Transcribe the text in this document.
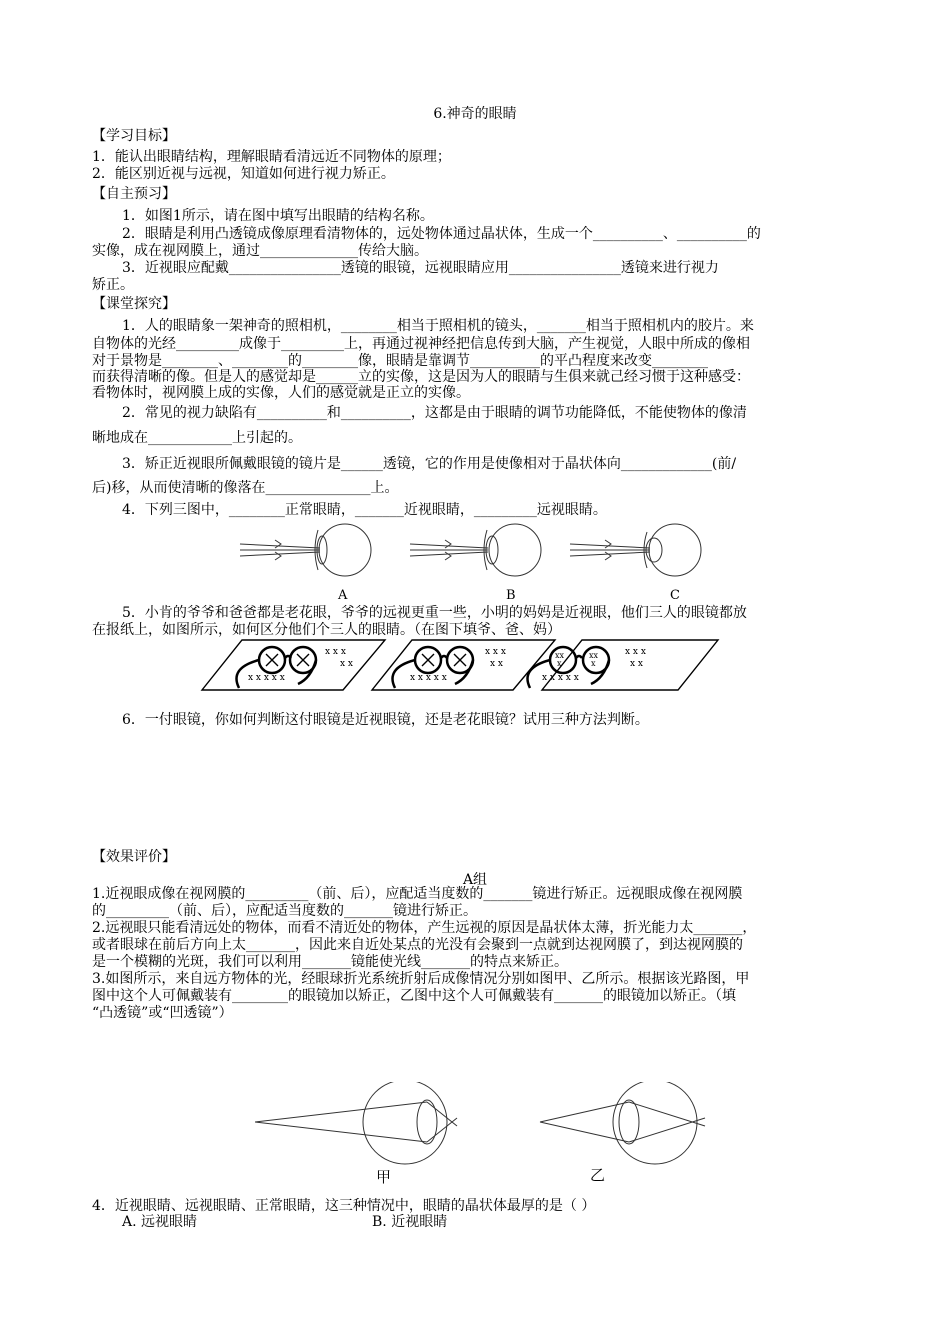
6.神奇的眼睛
【学习目标】
1．能认出眼睛结构，理解眼睛看清远近不同物体的原理；
2．能区别近视与远视，知道如何进行视力矫正。
【自主预习】
1．如图1所示，请在图中填写出眼睛的结构名称。
2．眼睛是利用凸透镜成像原理看清物体的，远处物体通过晶状体，生成一个__________、__________的
实像，成在视网膜上，通过______________传给大脑。
3．近视眼应配戴________________透镜的眼镜，远视眼睛应用________________透镜来进行视力
矫正。
【课堂探究】
1．人的眼睛象一架神奇的照相机，________相当于照相机的镜头，_______相当于照相机内的胶片。来
自物体的光经_________成像于_________上，再通过视神经把信息传到大脑，产生视觉，人眼中所成的像相
对于景物是________、________的________像，眼睛是靠调节__________的平凸程度来改变________
而获得清晰的像。但是人的感觉却是______立的实像，这是因为人的眼睛与生俱来就己经习惯于这种感受：
看物体时，视网膜上成的实像，人们的感觉就是正立的实像。
2．常见的视力缺陷有__________和__________，这都是由于眼睛的调节功能降低，不能使物体的像清
晰地成在____________上引起的。
3．矫正近视眼所佩戴眼镜的镜片是______透镜，它的作用是使像相对于晶状体向_____________(前/
后)移，从而使清晰的像落在_______________上。
4．下列三图中，________正常眼睛，_______近视眼睛，_________远视眼睛。
A	B	C
5．小肯的爷爷和爸爸都是老花眼，爷爷的远视更重一些，小明的妈妈是近视眼，他们三人的眼镜都放
在报纸上，如图所示，如何区分他们个三人的眼睛。（在图下填爷、爸、妈）
x x x
x x
x x x x x
x x x
x x
x x x x x
xx
x
xx
x
x x x
x x
x x x x x
6．一付眼镜，你如何判断这付眼镜是近视眼镜，还是老花眼镜？试用三种方法判断。
【效果评价】
A组
1.近视眼成像在视网膜的_________（前、后），应配适当度数的_______镜进行矫正。远视眼成像在视网膜
的_________（前、后），应配适当度数的_______镜进行矫正。
2.远视眼只能看清远处的物体，而看不清近处的物体，产生远视的原因是晶状体太薄，折光能力太_______，
或者眼球在前后方向上太_______，因此来自近处某点的光没有会聚到一点就到达视网膜了，到达视网膜的
是一个模糊的光斑，我们可以利用_______镜能使光线_______的特点来矫正。
3.如图所示，来自远方物体的光，经眼球折光系统折射后成像情况分别如图甲、乙所示。根据该光路图，甲
图中这个人可佩戴装有________的眼镜加以矫正，乙图中这个人可佩戴装有_______的眼镜加以矫正。（填
“凸透镜”或“凹透镜”）
甲	乙
4．近视眼睛、远视眼睛、正常眼睛，这三种情况中，眼睛的晶状体最厚的是（ ）
A. 远视眼睛	B. 近视眼睛
